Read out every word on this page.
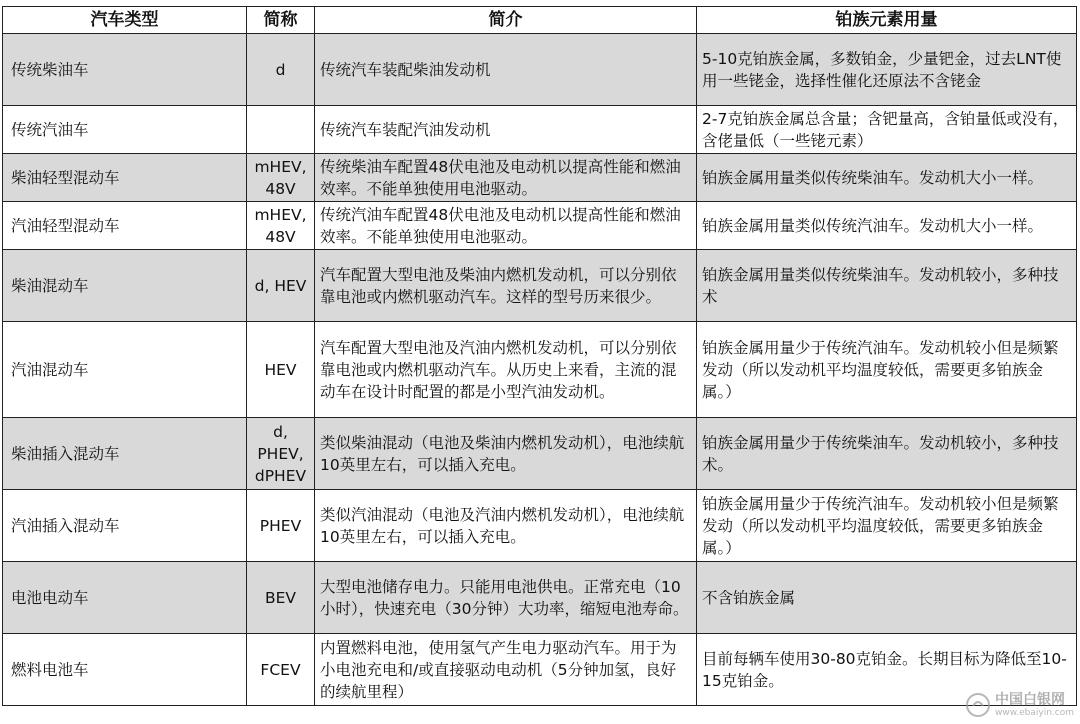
汽车类型	简称	简介	铂族元素用量
传统柴油车	d	传统汽车装配柴油发动机	5-10克铂族金属，多数铂金，少量钯金，过去LNT使用一些铑金，选择性催化还原法不含铑金
传统汽油车		传统汽车装配汽油发动机	2-7克铂族金属总含量；含钯量高，含铂量低或没有，含佬量低（一些铑元素）
柴油轻型混动车	mHEV, 48V	传统柴油车配置48伏电池及电动机以提高性能和燃油效率。不能单独使用电池驱动。	铂族金属用量类似传统柴油车。发动机大小一样。
汽油轻型混动车	mHEV, 48V	传统汽油车配置48伏电池及电动机以提高性能和燃油效率。不能单独使用电池驱动。	铂族金属用量类似传统汽油车。发动机大小一样。
柴油混动车	d, HEV	汽车配置大型电池及柴油内燃机发动机，可以分别依靠电池或内燃机驱动汽车。这样的型号历来很少。	铂族金属用量类似传统柴油车。发动机较小，多种技术
汽油混动车	HEV	汽车配置大型电池及汽油内燃机发动机，可以分别依靠电池或内燃机驱动汽车。从历史上来看，主流的混动车在设计时配置的都是小型汽油发动机。	铂族金属用量少于传统汽油车。发动机较小但是频繁发动（所以发动机平均温度较低，需要更多铂族金属。）
柴油插入混动车	d, PHEV, dPHEV	类似柴油混动（电池及柴油内燃机发动机），电池续航10英里左右，可以插入充电。	铂族金属用量少于传统柴油车。发动机较小，多种技术。
汽油插入混动车	PHEV	类似汽油混动（电池及汽油内燃机发动机），电池续航10英里左右，可以插入充电。	铂族金属用量少于传统汽油车。发动机较小但是频繁发动（所以发动机平均温度较低，需要更多铂族金属。）
电池电动车	BEV	大型电池储存电力。只能用电池供电。正常充电（10小时），快速充电（30分钟）大功率，缩短电池寿命。	不含铂族金属
燃料电池车	FCEV	内置燃料电池，使用氢气产生电力驱动汽车。用于为小电池充电和/或直接驱动电动机（5分钟加氢，良好的续航里程）	目前每辆车使用30-80克铂金。长期目标为降低至10-15克铂金。
中国白银网
www.ebaiyin.com
